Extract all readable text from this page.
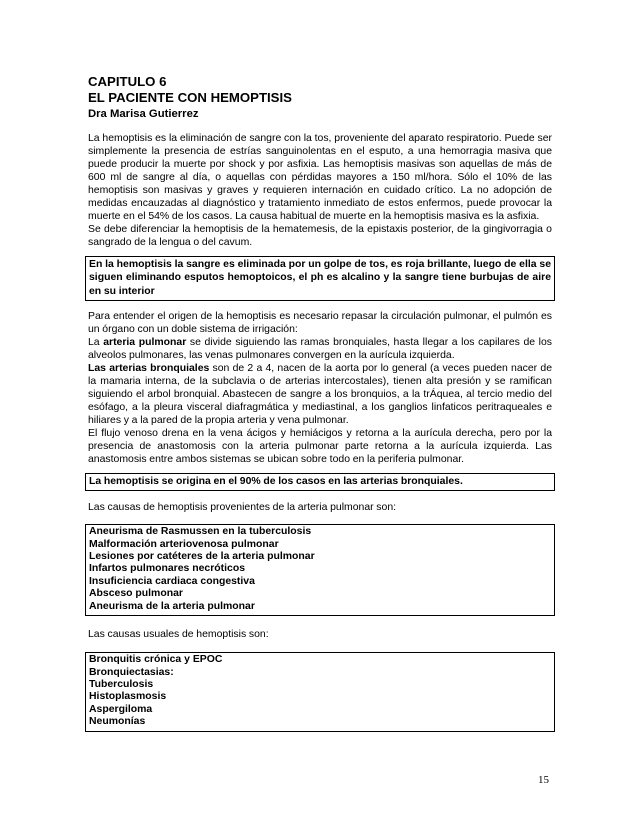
CAPITULO 6

EL PACIENTE CON HEMOPTISIS

Dra Marisa Gutierrez

La hemoptisis es la eliminación de sangre con la tos, proveniente del aparato respiratorio. Puede ser simplemente la presencia de estrías sanguinolentas en el esputo, a una hemorragia masiva que puede producir la muerte por shock y por asfixia. Las hemoptisis masivas son aquellas de más de 600 ml de sangre al día, o aquellas con pérdidas mayores a 150 ml/hora. Sólo el 10% de las hemoptisis son masivas y graves y requieren internación en cuidado crítico. La no adopción de medidas encauzadas al diagnóstico y tratamiento inmediato de estos enfermos, puede provocar la muerte en el 54% de los casos. La causa habitual de muerte en la hemoptisis masiva es la asfixia.

Se debe diferenciar la hemoptisis de la hematemesis, de la epistaxis posterior, de la gingivorragia o sangrado de la lengua o del cavum.

En la hemoptisis la sangre es eliminada por un golpe de tos, es roja brillante, luego de ella se siguen eliminando esputos hemoptoicos, el ph es alcalino y la sangre tiene burbujas de aire en su interior

Para entender el origen de la hemoptisis es necesario repasar la circulación pulmonar, el pulmón es un órgano con un doble sistema de irrigación:

La arteria pulmonar se divide siguiendo las ramas bronquiales, hasta llegar a los capilares de los alveolos pulmonares, las venas pulmonares convergen en la aurícula izquierda.

Las arterias bronquiales son de 2 a 4, nacen de la aorta por lo general (a veces pueden nacer de la mamaria interna, de la subclavia o de arterias intercostales), tienen alta presión y se ramifican siguiendo el arbol bronquial. Abastecen de sangre a los bronquios, a la trÁquea, al tercio medio del esófago, a la pleura visceral diafragmática y mediastinal, a los ganglios linfaticos peritraqueales e hiliares y a la pared de la propia arteria y vena pulmonar.

El flujo venoso drena en la vena ácigos y hemiácigos y retorna a la aurícula derecha, pero por la presencia de anastomosis con la arteria pulmonar parte retorna a la aurícula izquierda. Las anastomosis entre ambos sistemas se ubican sobre todo en la periferia pulmonar.

La hemoptisis se origina en el 90% de los casos en las arterias bronquiales.

Las causas de hemoptisis provenientes de la arteria pulmonar son:

Aneurisma de Rasmussen en la tuberculosis
Malformación arteriovenosa pulmonar
Lesiones por catéteres de la arteria pulmonar
Infartos pulmonares necróticos
Insuficiencia cardiaca congestiva
Absceso pulmonar
Aneurisma de la arteria pulmonar

Las causas usuales de hemoptisis son:

Bronquitis crónica y EPOC
Bronquiectasias:
Tuberculosis
Histoplasmosis
Aspergiloma
Neumonías
15
